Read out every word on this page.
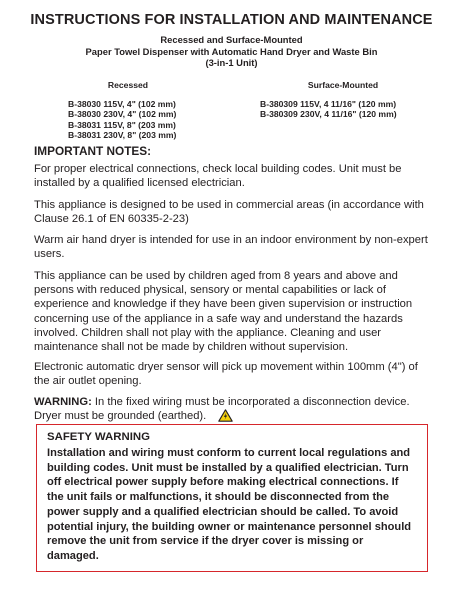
INSTRUCTIONS FOR INSTALLATION AND MAINTENANCE
Recessed and Surface-Mounted
Paper Towel Dispenser with Automatic Hand Dryer and Waste Bin
(3-in-1 Unit)
Recessed
B-38030 115V, 4" (102 mm)
B-38030 230V, 4" (102 mm)
B-38031 115V, 8" (203 mm)
B-38031 230V, 8" (203 mm)
Surface-Mounted
B-380309 115V, 4 11/16" (120 mm)
B-380309 230V, 4 11/16" (120 mm)
IMPORTANT NOTES:

For proper electrical connections, check local building codes. Unit must be installed by a qualified licensed electrician.

This appliance is designed to be used in commercial areas (in accordance with Clause 26.1 of EN 60335-2-23)

Warm air hand dryer is intended for use in an indoor environment by non-expert users.

This appliance can be used by children aged from 8 years and above and persons with reduced physical, sensory or mental capabilities or lack of experience and knowledge if they have been given supervision or instruction concerning use of the appliance in a safe way and understand the hazards involved. Children shall not play with the appliance. Cleaning and user maintenance shall not be made by children without supervision.

Electronic automatic dryer sensor will pick up movement within 100mm (4") of the air outlet opening.

WARNING: In the fixed wiring must be incorporated a disconnection device. Dryer must be grounded (earthed).

SAFETY WARNING

Installation and wiring must conform to current local regulations and building codes. Unit must be installed by a qualified electrician. Turn off electrical power supply before making electrical connections. If the unit fails or malfunctions, it should be disconnected from the power supply and a qualified electrician should be called. To avoid potential injury, the building owner or maintenance personnel should remove the unit from service if the dryer cover is missing or damaged.
